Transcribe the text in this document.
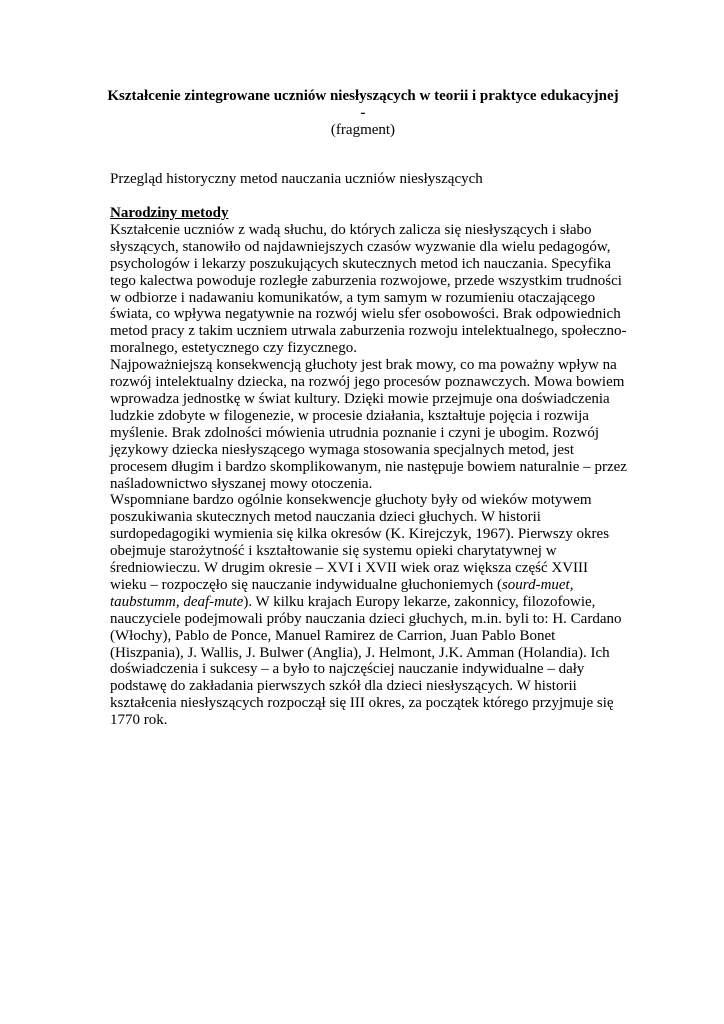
Kształcenie zintegrowane uczniów niesłyszących w teorii i praktyce edukacyjnej
-
(fragment)
Przegląd historyczny metod nauczania uczniów niesłyszących
Narodziny metody
Kształcenie uczniów z wadą słuchu, do których zalicza się niesłyszących i słabo
słyszących, stanowiło od najdawniejszych czasów wyzwanie dla wielu pedagogów,
psychologów i lekarzy poszukujących skutecznych metod ich nauczania. Specyfika
tego kalectwa powoduje rozległe zaburzenia rozwojowe, przede wszystkim trudności
w odbiorze i nadawaniu komunikatów, a tym samym w rozumieniu otaczającego
świata, co wpływa negatywnie na rozwój wielu sfer osobowości. Brak odpowiednich
metod pracy z takim uczniem utrwala zaburzenia rozwoju intelektualnego, społeczno-
moralnego, estetycznego czy fizycznego.
Najpoważniejszą konsekwencją głuchoty jest brak mowy, co ma poważny wpływ na
rozwój intelektualny dziecka, na rozwój jego procesów poznawczych. Mowa bowiem
wprowadza jednostkę w świat kultury. Dzięki mowie przejmuje ona doświadczenia
ludzkie zdobyte w filogenezie, w procesie działania, kształtuje pojęcia i rozwija
myślenie. Brak zdolności mówienia utrudnia poznanie i czyni je ubogim. Rozwój
językowy dziecka niesłyszącego wymaga stosowania specjalnych metod, jest
procesem długim i bardzo skomplikowanym, nie następuje bowiem naturalnie – przez
naśladownictwo słyszanej mowy otoczenia.
Wspomniane bardzo ogólnie konsekwencje głuchoty były od wieków motywem
poszukiwania skutecznych metod nauczania dzieci głuchych. W historii
surdopedagogiki wymienia się kilka okresów (K. Kirejczyk, 1967). Pierwszy okres
obejmuje starożytność i kształtowanie się systemu opieki charytatywnej w
średniowieczu. W drugim okresie – XVI i XVII wiek oraz większa część XVIII
wieku – rozpoczęło się nauczanie indywidualne głuchoniemych (sourd-muet,
taubstumm, deaf-mute). W kilku krajach Europy lekarze, zakonnicy, filozofowie,
nauczyciele podejmowali próby nauczania dzieci głuchych, m.in. byli to: H. Cardano
(Włochy), Pablo de Ponce, Manuel Ramirez de Carrion, Juan Pablo Bonet
(Hiszpania), J. Wallis, J. Bulwer (Anglia), J. Helmont, J.K. Amman (Holandia). Ich
doświadczenia i sukcesy – a było to najczęściej nauczanie indywidualne – dały
podstawę do zakładania pierwszych szkół dla dzieci niesłyszących. W historii
kształcenia niesłyszących rozpoczął się III okres, za początek którego przyjmuje się
1770 rok.
